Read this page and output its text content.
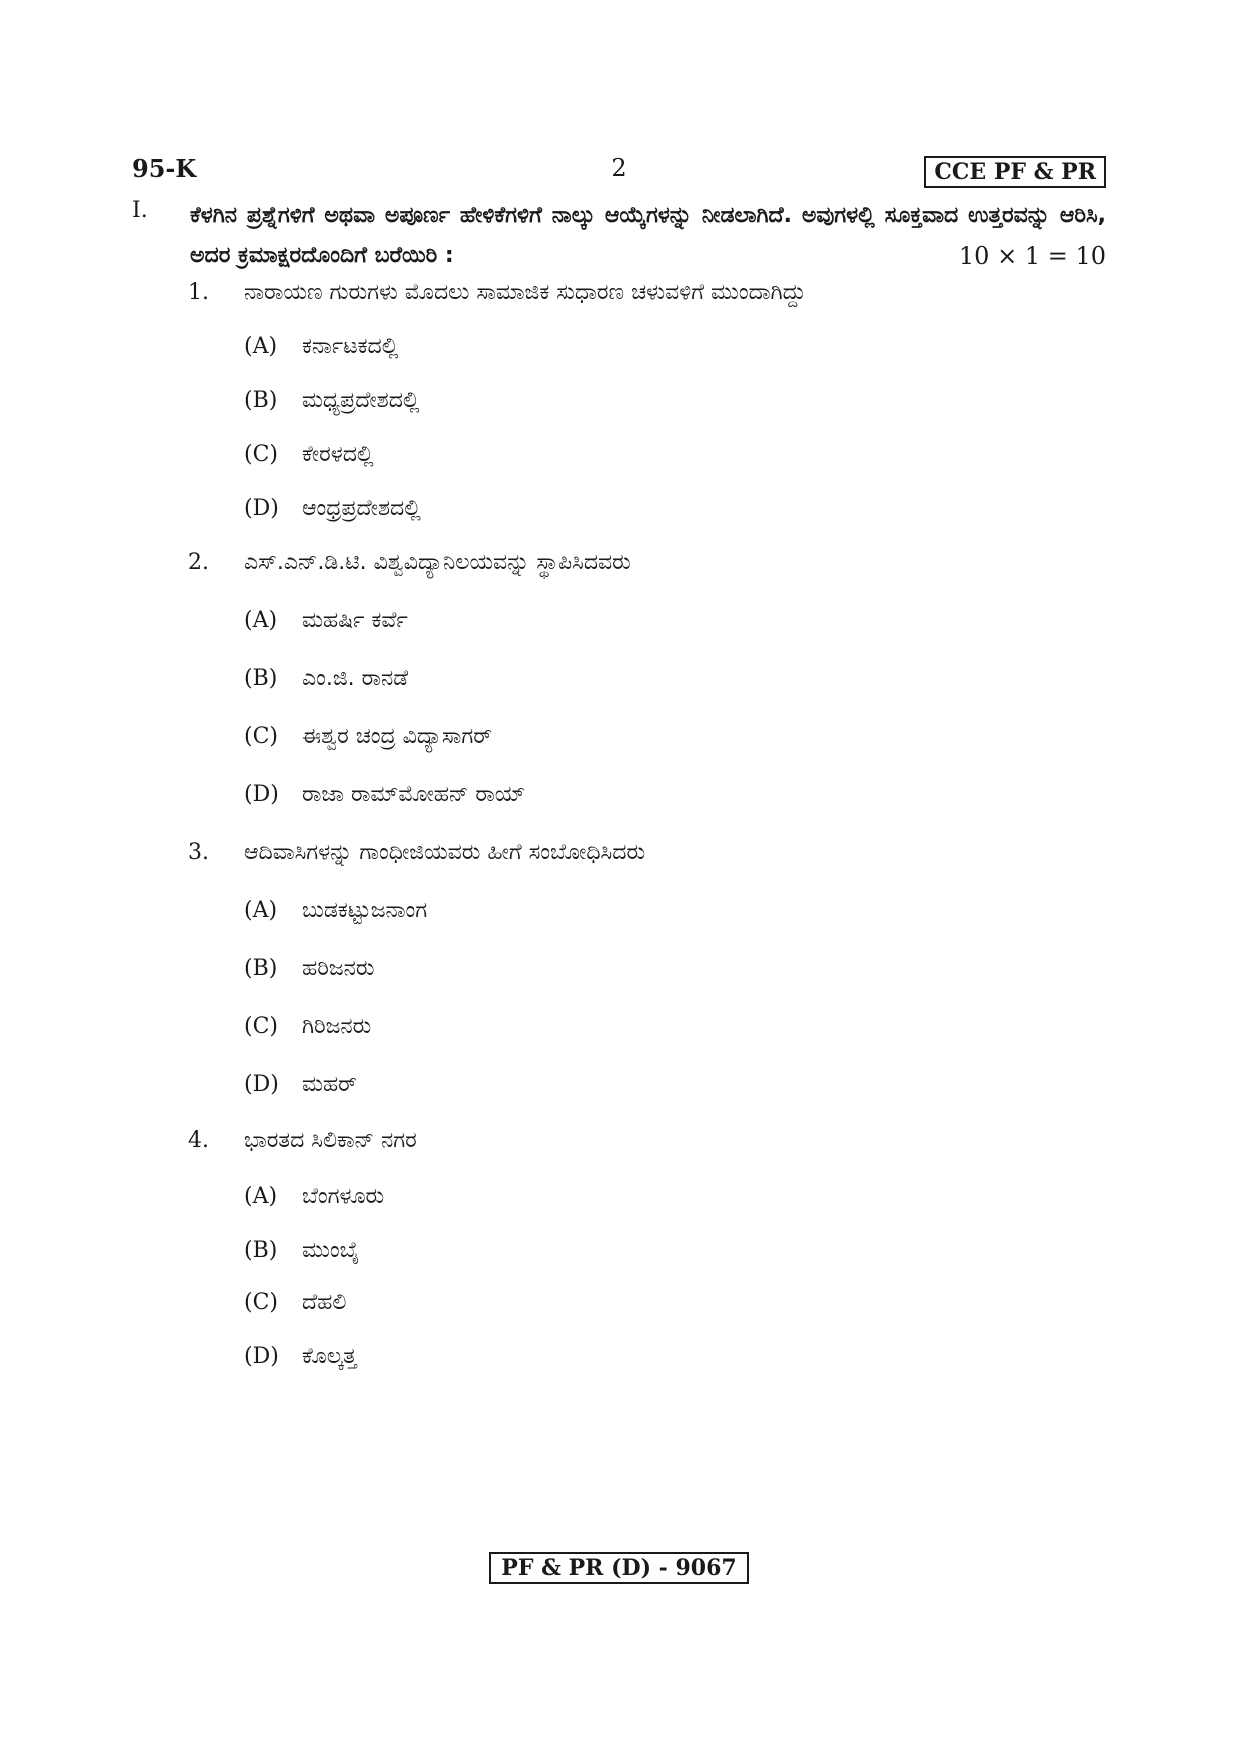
95-K	2	CCE PF & PR
I. ಕೆಳಗಿನ ಪ್ರಶ್ನೆಗಳಿಗೆ ಅಥವಾ ಅಪೂರ್ಣ ಹೇಳಿಕೆಗಳಿಗೆ ನಾಲ್ಕು ಆಯ್ಕೆಗಳನ್ನು ನೀಡಲಾಗಿದೆ. ಅವುಗಳಲ್ಲಿ ಸೂಕ್ತವಾದ ಉತ್ತರವನ್ನು ಆರಿಸಿ, ಅದರ ಕ್ರಮಾಕ್ಷರದೊಂದಿಗೆ ಬರೆಯಿರಿ :	10 × 1 = 10
1.	ನಾರಾಯಣ ಗುರುಗಳು ಮೊದಲು ಸಾಮಾಜಿಕ ಸುಧಾರಣ ಚಳುವಳಿಗೆ ಮುಂದಾಗಿದ್ದು
(A) ಕರ್ನಾಟಕದಲ್ಲಿ
(B) ಮಧ್ಯಪ್ರದೇಶದಲ್ಲಿ
(C) ಕೇರಳದಲ್ಲಿ
(D) ಆಂಧ್ರಪ್ರದೇಶದಲ್ಲಿ
2.	ಎಸ್.ಎನ್.ಡಿ.ಟಿ. ವಿಶ್ವವಿದ್ಯಾನಿಲಯವನ್ನು ಸ್ಥಾಪಿಸಿದವರು
(A) ಮಹರ್ಷಿ ಕರ್ವೆ
(B) ಎಂ.ಜಿ. ರಾನಡೆ
(C) ಈಶ್ವರ ಚಂದ್ರ ವಿದ್ಯಾಸಾಗರ್
(D) ರಾಜಾ ರಾಮ್‌ಮೋಹನ್ ರಾಯ್
3.	ಆದಿವಾಸಿಗಳನ್ನು ಗಾಂಧೀಜಿಯವರು ಹೀಗೆ ಸಂಬೋಧಿಸಿದರು
(A) ಬುಡಕಟ್ಟುಜನಾಂಗ
(B) ಹರಿಜನರು
(C) ಗಿರಿಜನರು
(D) ಮಹರ್
4.	ಭಾರತದ ಸಿಲಿಕಾನ್ ನಗರ
(A) ಬೆಂಗಳೂರು
(B) ಮುಂಬೈ
(C) ದೆಹಲಿ
(D) ಕೊಲ್ಕತ್ತ
PF & PR (D) - 9067
